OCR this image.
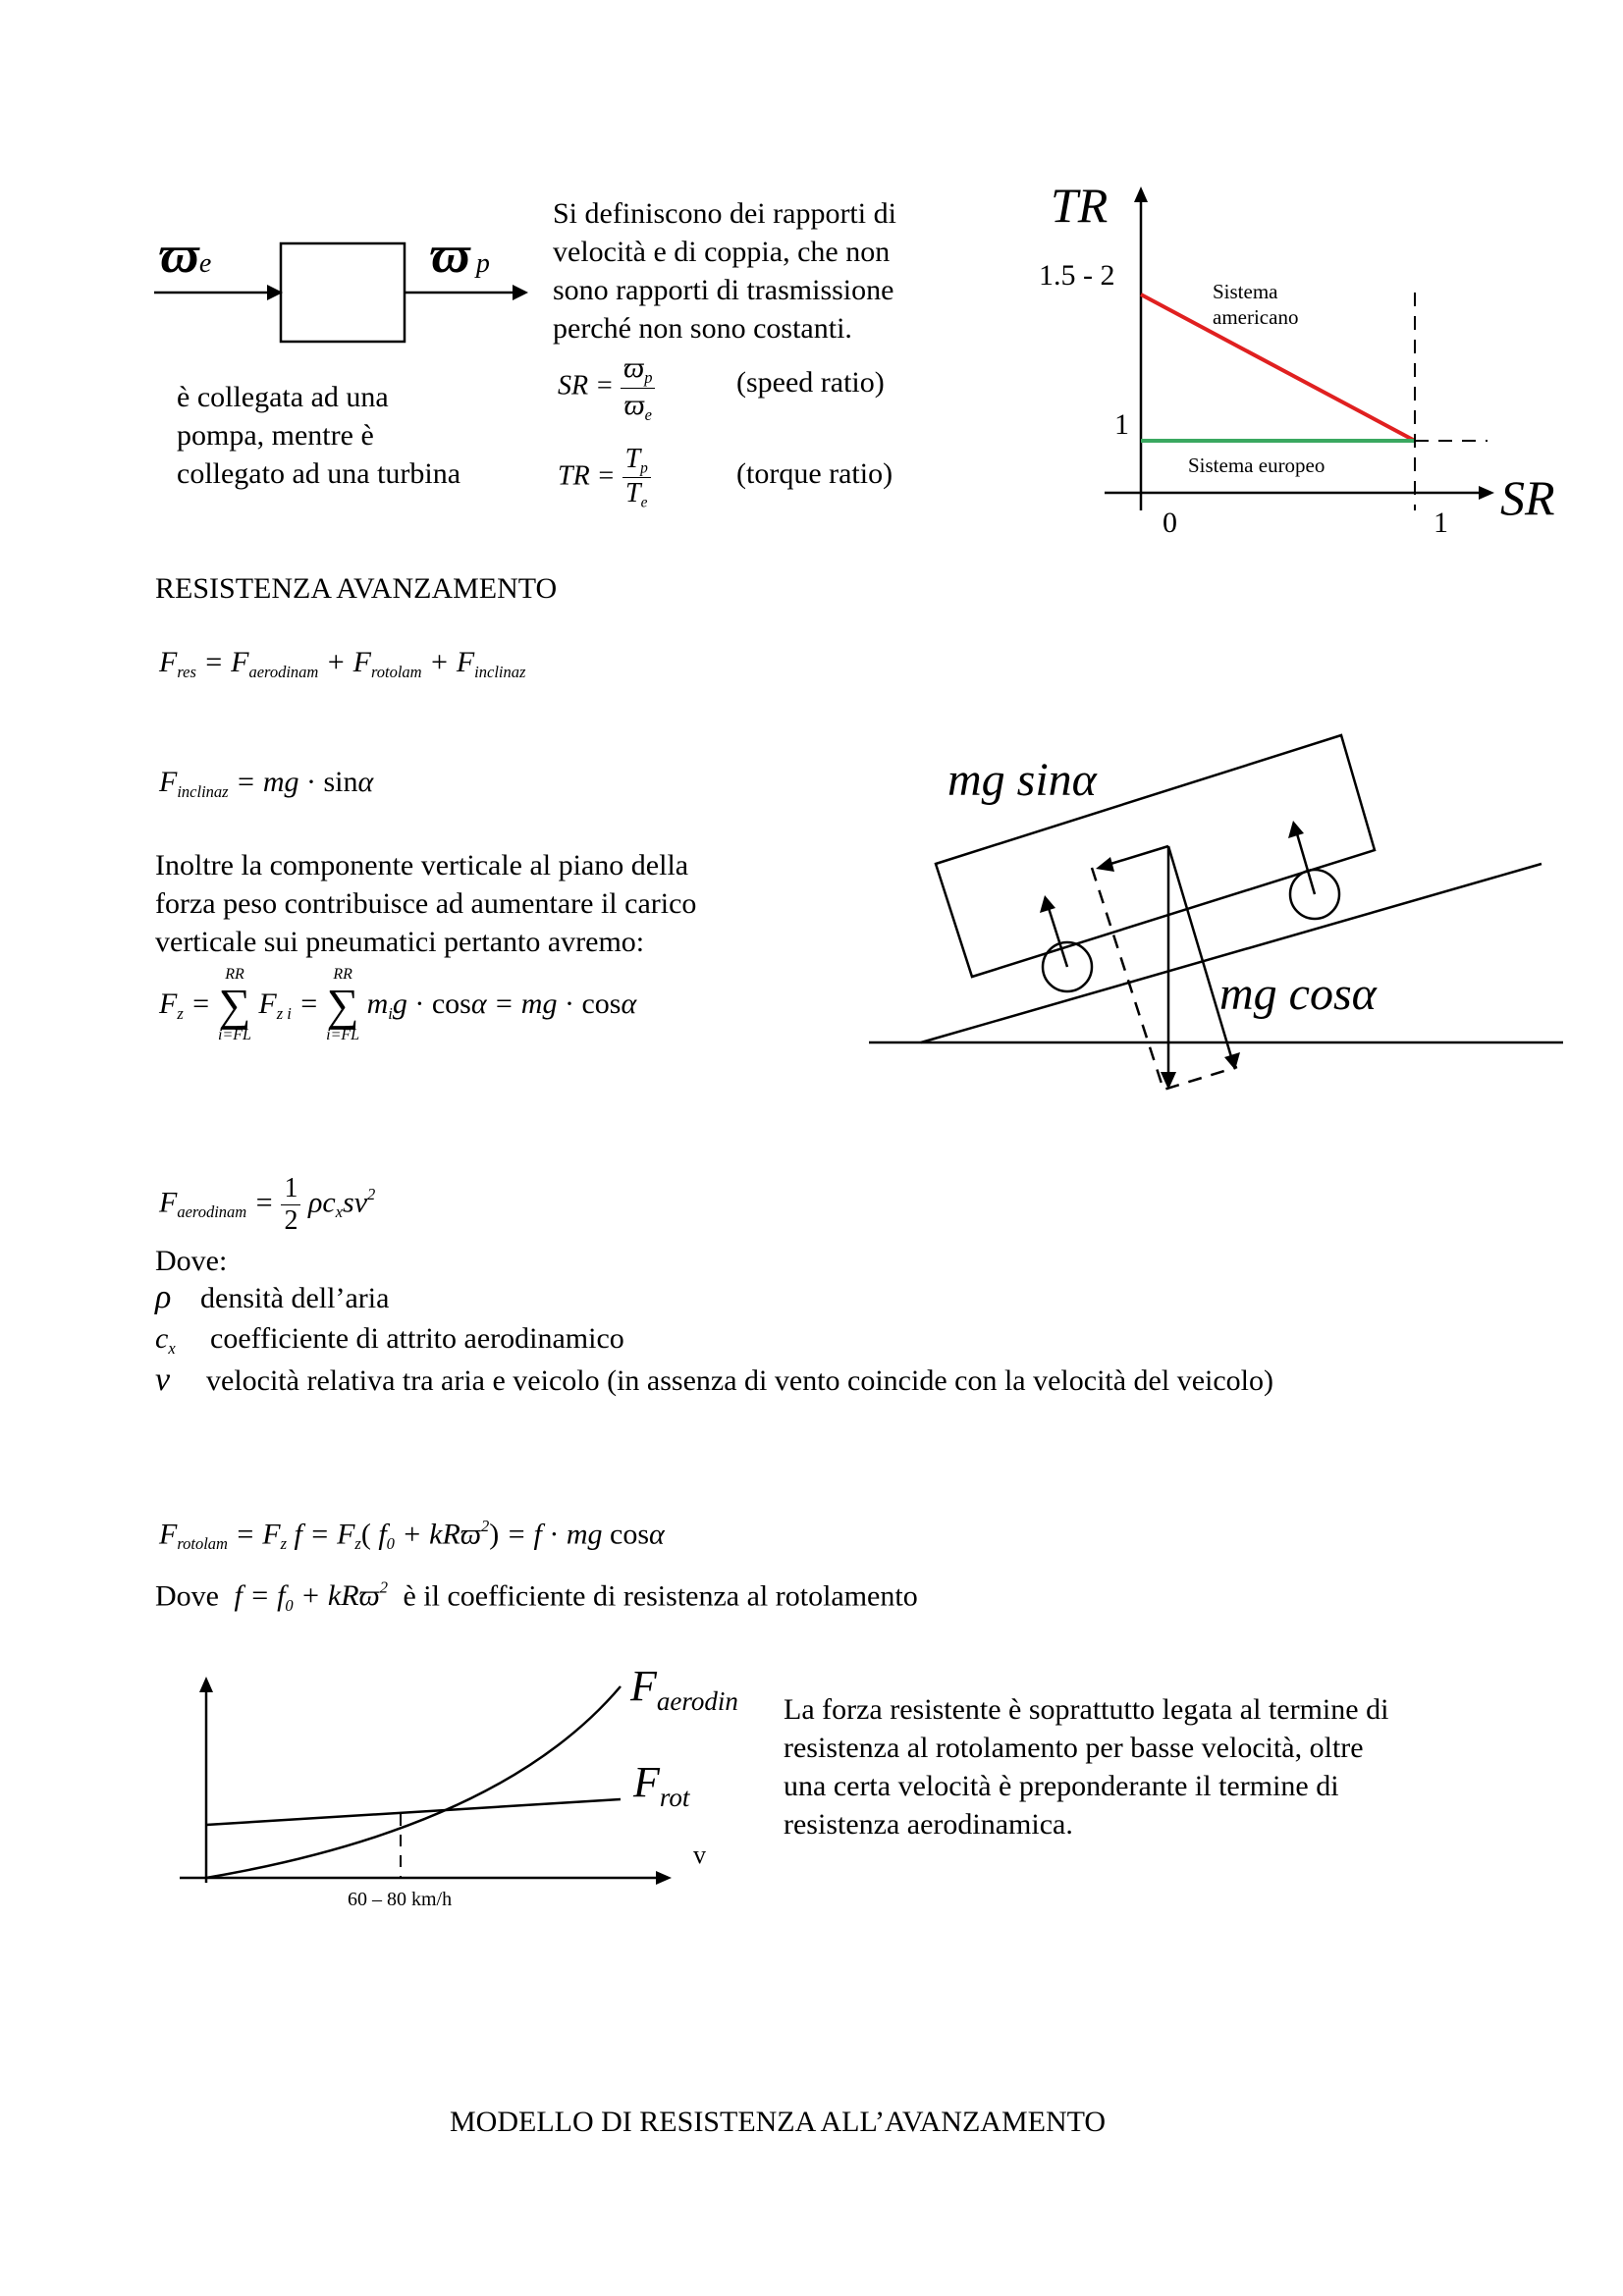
ϖe	ϖp
è collegata ad una
pompa, mentre è
collegato ad una turbina
Si definiscono dei rapporti di
velocità e di coppia, che non
sono rapporti di trasmissione
perché non sono costanti.
SR = $\frac{ϖ_p}{ϖ_e}$	(speed ratio)
TR = $\frac{T_p}{T_e}$	(torque ratio)
TR
SR
1.5 - 2
1
0	1
Sistema
americano
Sistema europeo
RESISTENZA AVANZAMENTO
$F_{res} = F_{aerodinam} + F_{rotolam} + F_{inclinaz}$
$F_{inclinaz}$ = mg · sinα
Inoltre la componente verticale al piano della
forza peso contribuisce ad aumentare il carico
verticale sui pneumatici pertanto avremo:
$F_z$ =
RR
∑
i=FL
$F_{z i}$ =
RR
∑
i=FL
$m_ig \cdot \cos\alpha$ = mg · cosα
mg sinα
mg cosα
$F_{aerodinam} = \frac{1}{2} \rho c_xsv^2$
Dove:
ρ densità dell’aria
$c_x$ coefficiente di attrito aerodinamico
v velocità relativa tra aria e veicolo (in assenza di vento coincide con la velocità del veicolo)
$F_{rotolam} = F_z$ $f = F_z$( $f_0 + kRϖ^2) = f$ · mg cosα
Dove $f = f_0 + kRϖ^2$ è il coefficiente di resistenza al rotolamento
$F_{aerodin}$
$F_{rot}$
v
60 – 80 km/h
La forza resistente è soprattutto legata al termine di
resistenza al rotolamento per basse velocità, oltre
una certa velocità è preponderante il termine di
resistenza aerodinamica.
MODELLO DI RESISTENZA ALL’AVANZAMENTO
